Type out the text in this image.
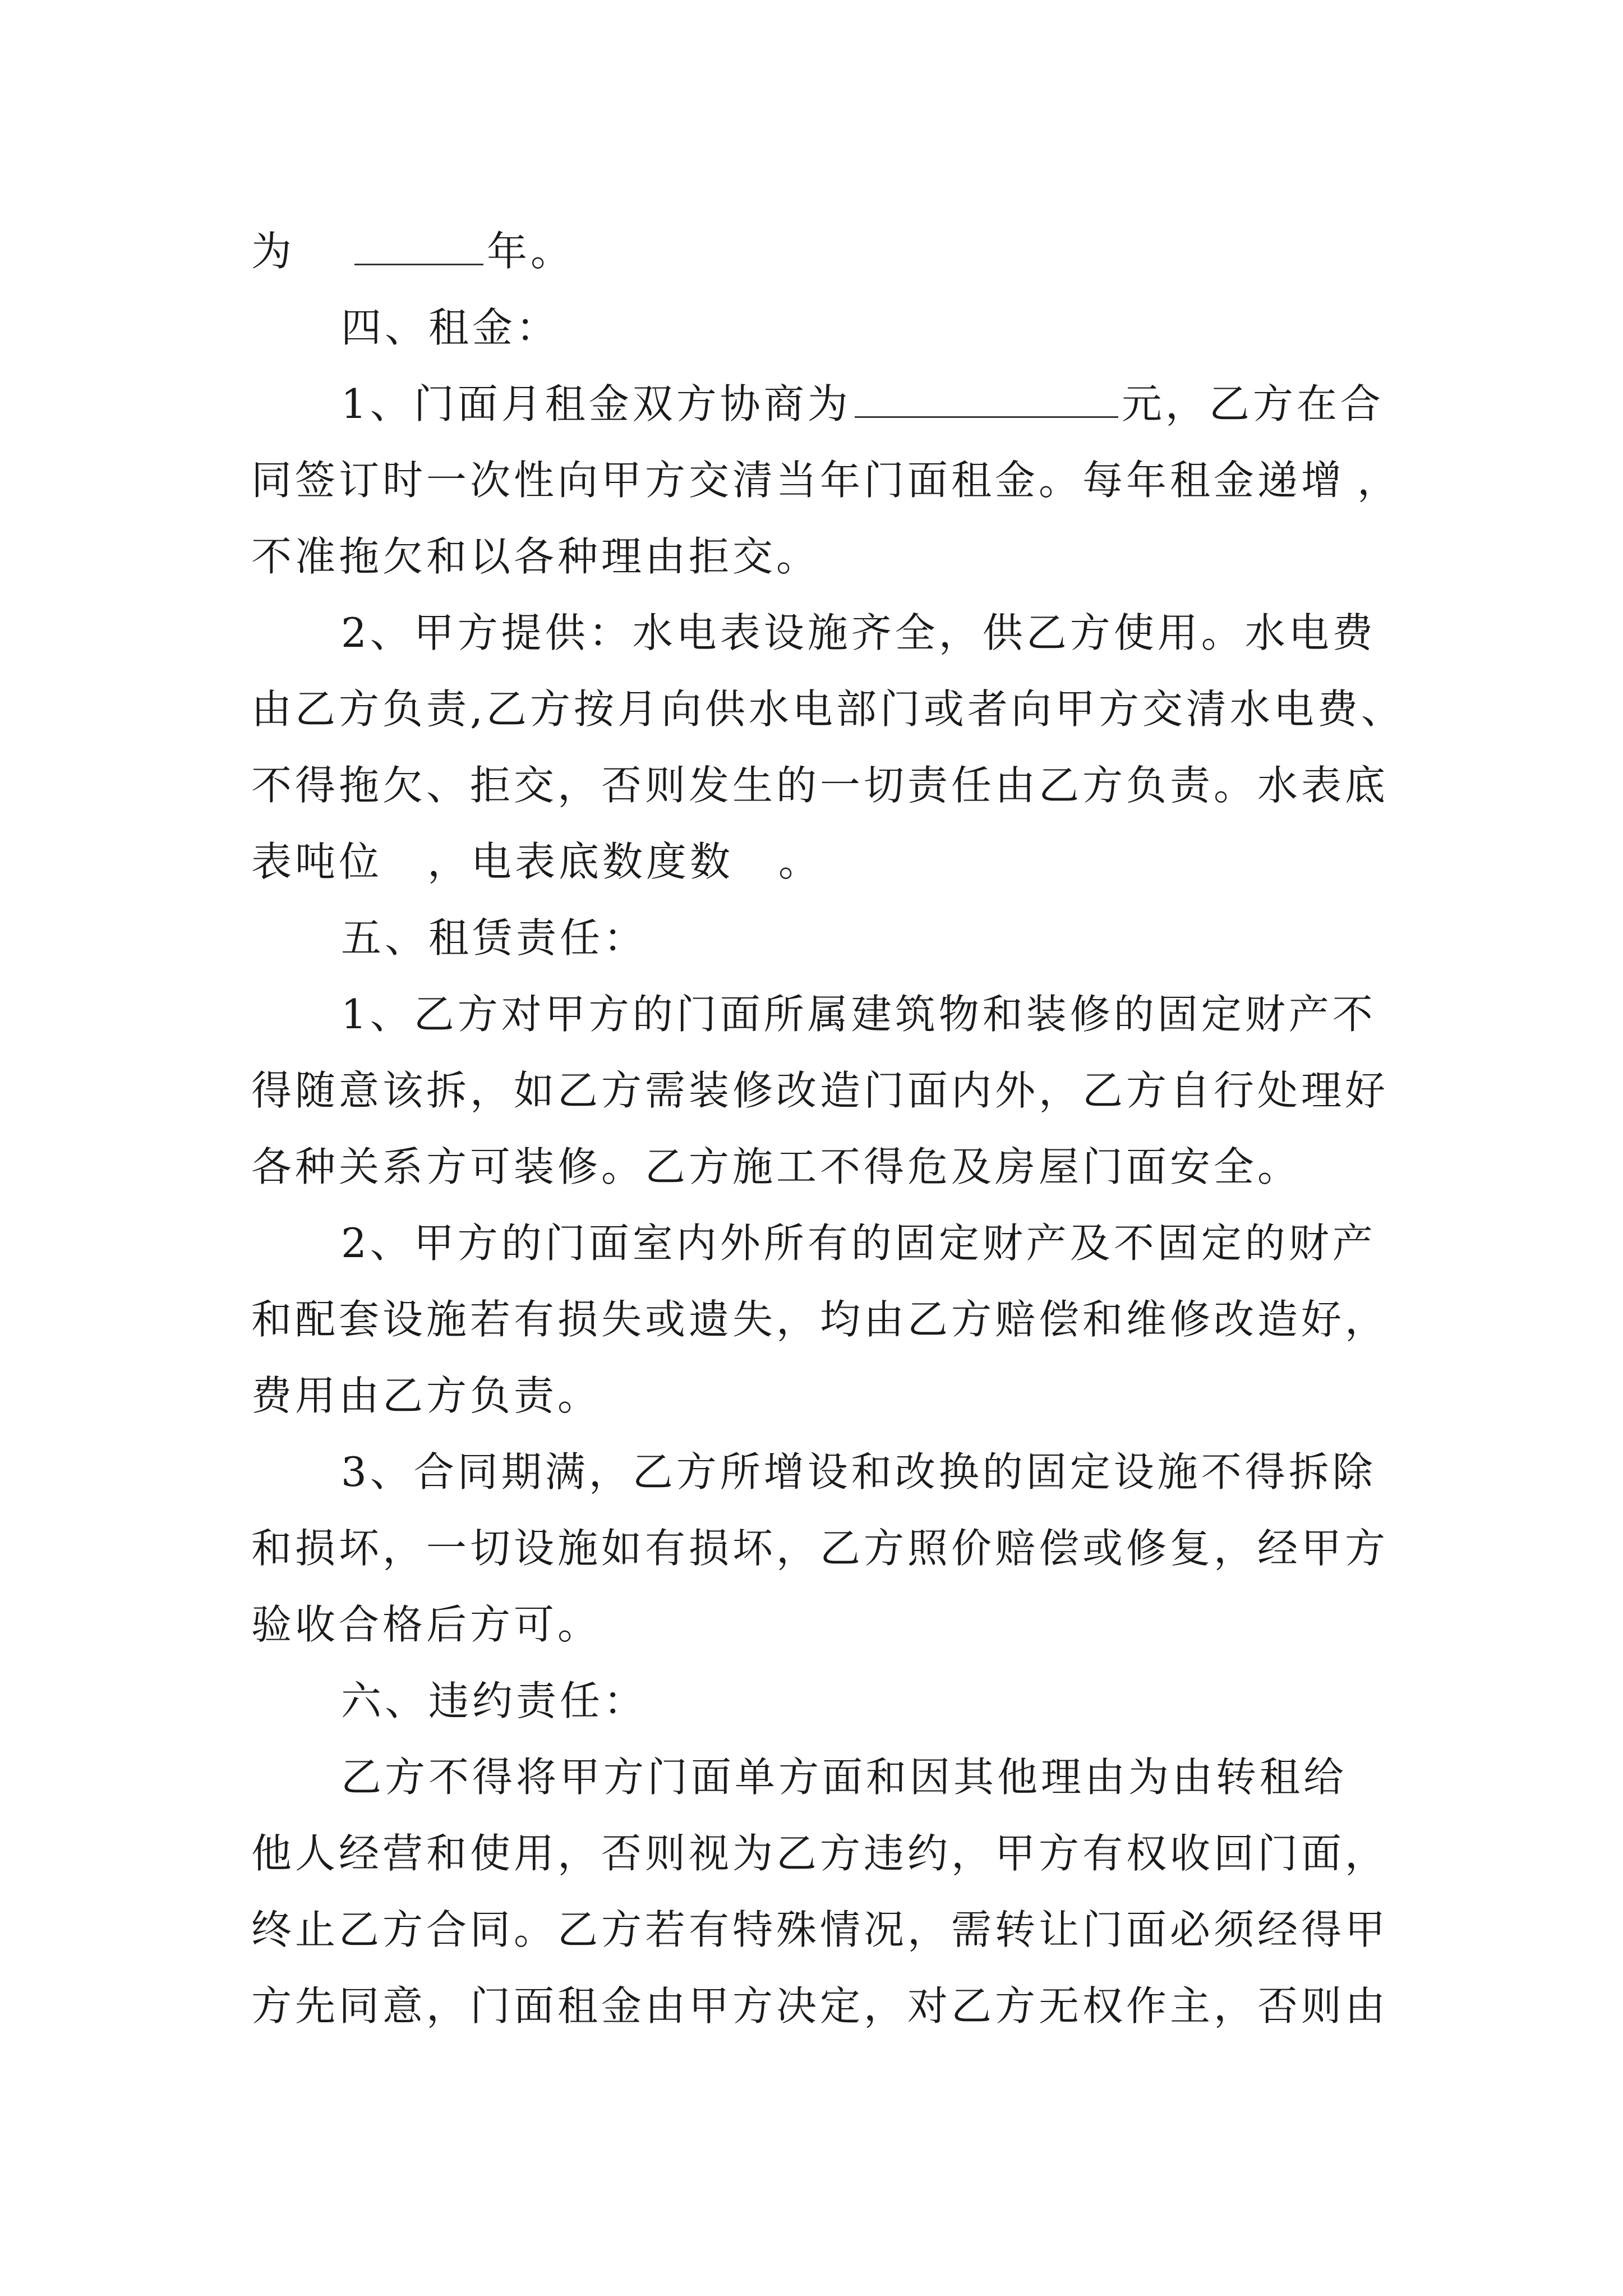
为	年。
四、租金：
1、门面月租金双方协商为	元，乙方在合
同签订时一次性向甲方交清当年门面租金。每年租金递增 ，
不准拖欠和以各种理由拒交。
2、甲方提供：水电表设施齐全，供乙方使用。水电费
由乙方负责,乙方按月向供水电部门或者向甲方交清水电费、
不得拖欠、拒交，否则发生的一切责任由乙方负责。水表底
表吨位 ，电表底数度数 。
五、租赁责任：
1、乙方对甲方的门面所属建筑物和装修的固定财产不
得随意该拆，如乙方需装修改造门面内外，乙方自行处理好
各种关系方可装修。乙方施工不得危及房屋门面安全。
2、甲方的门面室内外所有的固定财产及不固定的财产
和配套设施若有损失或遗失，均由乙方赔偿和维修改造好，
费用由乙方负责。
3、合同期满，乙方所增设和改换的固定设施不得拆除
和损坏，一切设施如有损坏，乙方照价赔偿或修复，经甲方
验收合格后方可。
六、违约责任：
乙方不得将甲方门面单方面和因其他理由为由转租给
他人经营和使用，否则视为乙方违约，甲方有权收回门面，
终止乙方合同。乙方若有特殊情况，需转让门面必须经得甲
方先同意，门面租金由甲方决定，对乙方无权作主，否则由
